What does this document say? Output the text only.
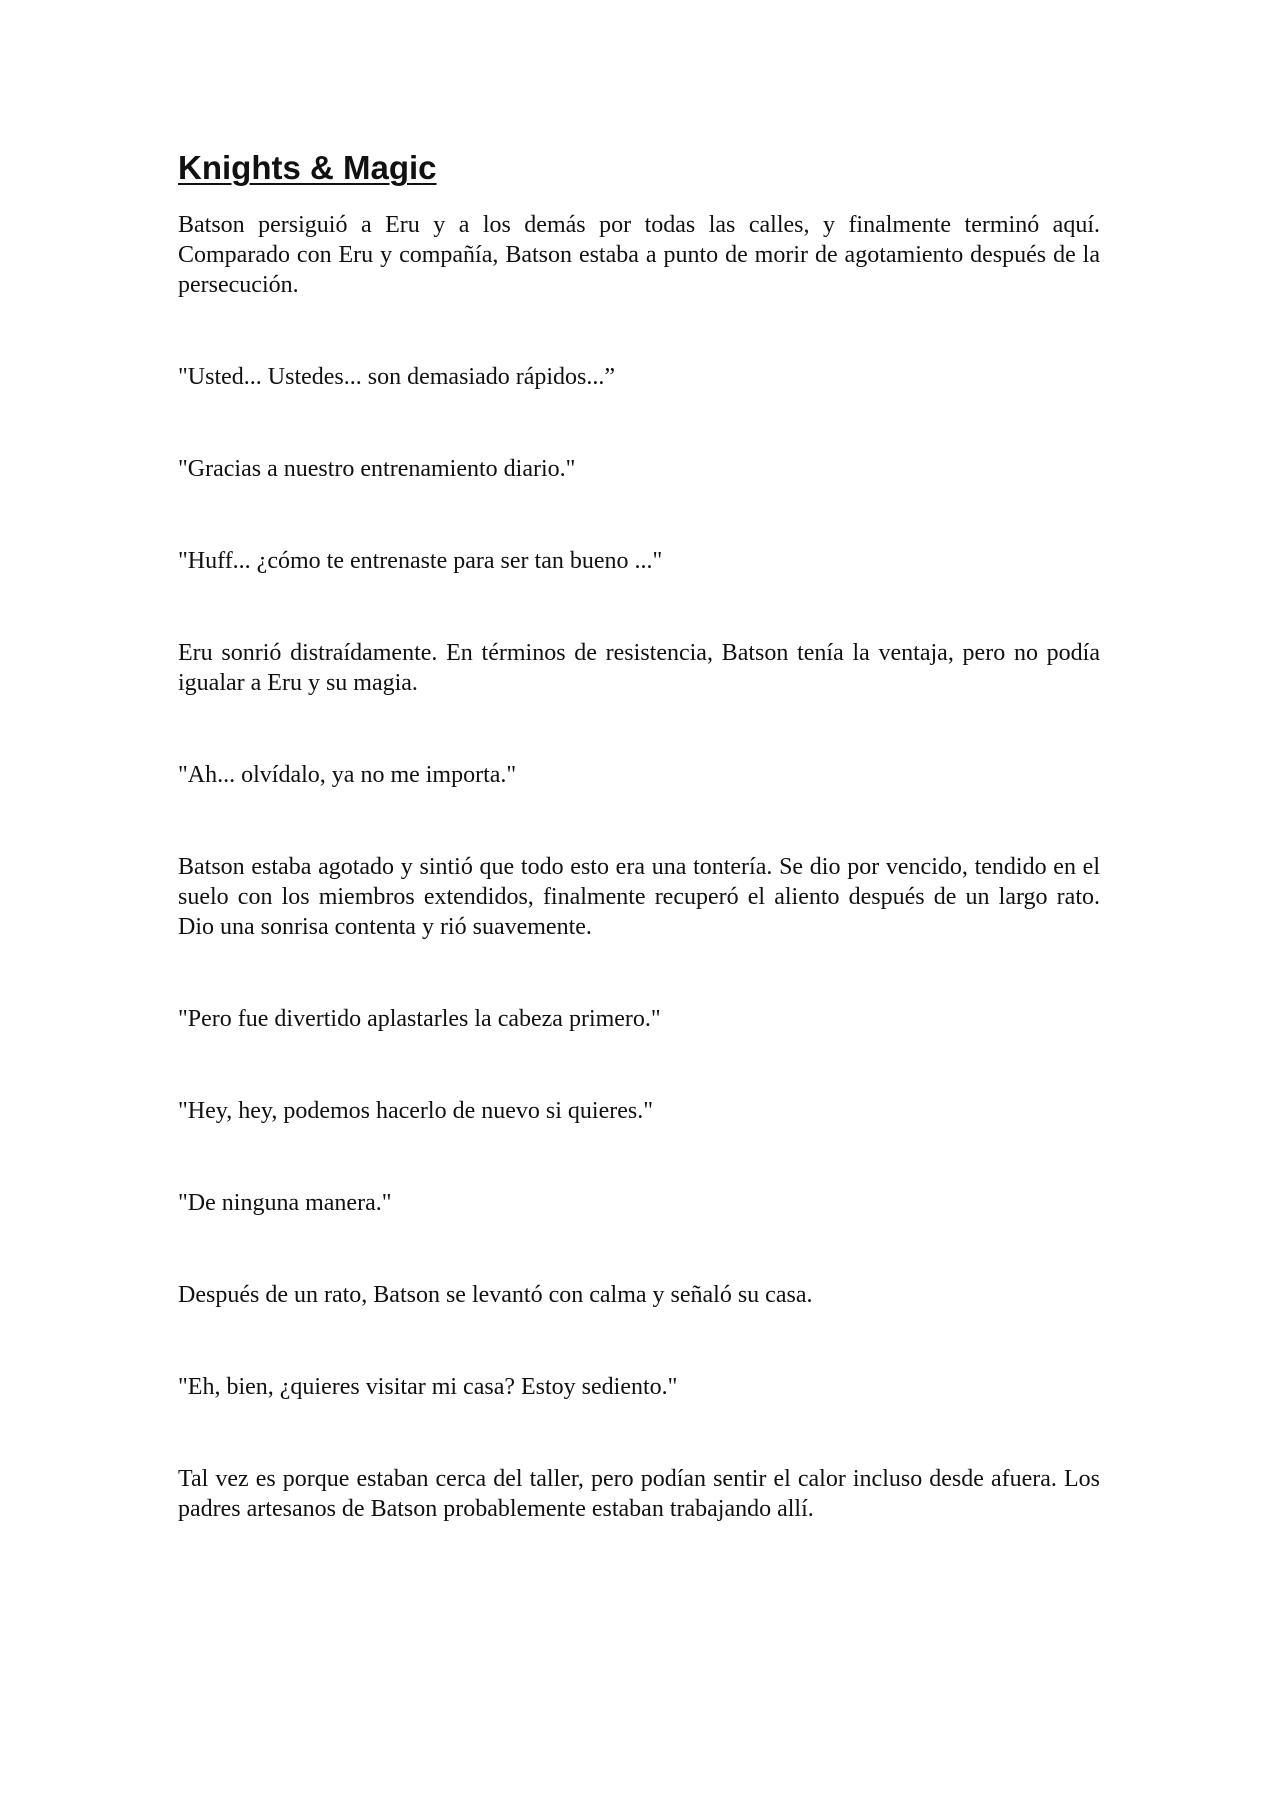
Knights & Magic

Batson persiguió a Eru y a los demás por todas las calles, y finalmente terminó aquí. Comparado con Eru y compañía, Batson estaba a punto de morir de agotamiento después de la persecución.

"Usted... Ustedes... son demasiado rápidos...”

"Gracias a nuestro entrenamiento diario."

"Huff... ¿cómo te entrenaste para ser tan bueno ..."

Eru sonrió distraídamente. En términos de resistencia, Batson tenía la ventaja, pero no podía igualar a Eru y su magia.

"Ah... olvídalo, ya no me importa."

Batson estaba agotado y sintió que todo esto era una tontería. Se dio por vencido, tendido en el suelo con los miembros extendidos, finalmente recuperó el aliento después de un largo rato. Dio una sonrisa contenta y rió suavemente.

"Pero fue divertido aplastarles la cabeza primero."

"Hey, hey, podemos hacerlo de nuevo si quieres."

"De ninguna manera."

Después de un rato, Batson se levantó con calma y señaló su casa.

"Eh, bien, ¿quieres visitar mi casa? Estoy sediento."

Tal vez es porque estaban cerca del taller, pero podían sentir el calor incluso desde afuera. Los padres artesanos de Batson probablemente estaban trabajando allí.
